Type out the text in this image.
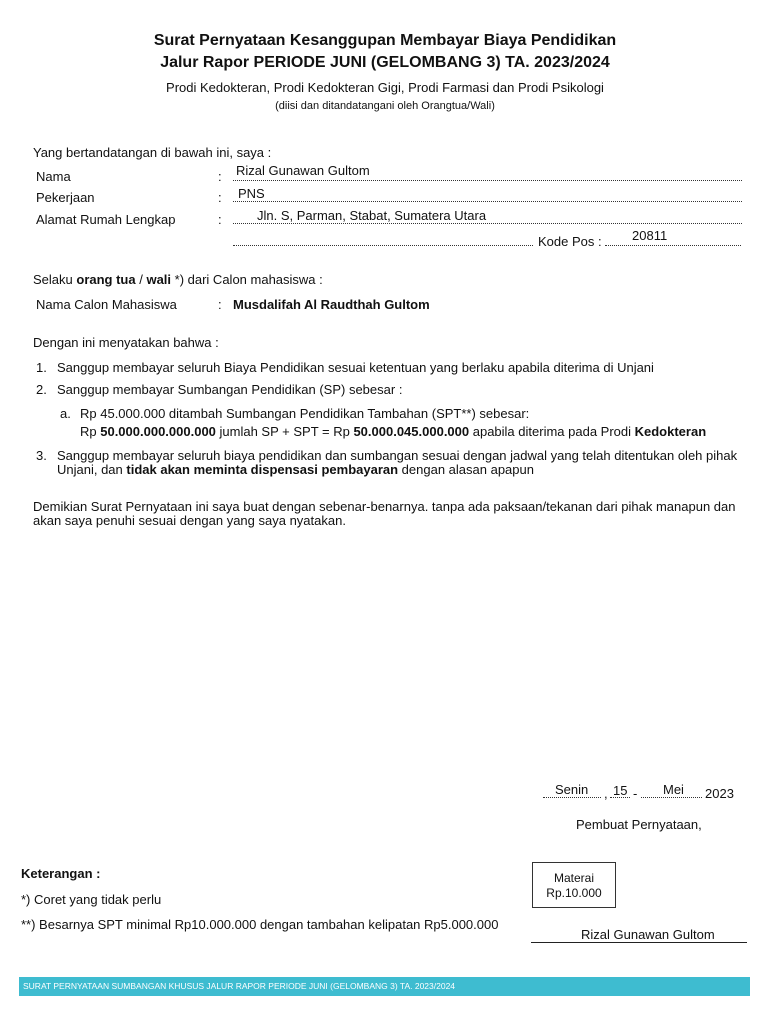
Surat Pernyataan Kesanggupan Membayar Biaya Pendidikan
Jalur Rapor PERIODE JUNI (GELOMBANG 3) TA. 2023/2024
Prodi Kedokteran, Prodi Kedokteran Gigi, Prodi Farmasi dan Prodi Psikologi
(diisi dan ditandatangani oleh Orangtua/Wali)
Yang bertandatangan di bawah ini, saya :
Nama	: Rizal Gunawan Gultom
Pekerjaan	: PNS
Alamat Rumah Lengkap	:	Jln. S, Parman, Stabat, Sumatera Utara
Kode Pos : 20811
Selaku orang tua / wali *) dari Calon mahasiswa :
Nama Calon Mahasiswa	: Musdalifah Al Raudthah Gultom
Dengan ini menyatakan bahwa :
1. Sanggup membayar seluruh Biaya Pendidikan sesuai ketentuan yang berlaku apabila diterima di Unjani
2. Sanggup membayar Sumbangan Pendidikan (SP) sebesar :
a. Rp 45.000.000 ditambah Sumbangan Pendidikan Tambahan (SPT**) sebesar:
Rp 50.000.000.000.000 jumlah SP + SPT = Rp 50.000.045.000.000 apabila diterima pada Prodi Kedokteran
3. Sanggup membayar seluruh biaya pendidikan dan sumbangan sesuai dengan jadwal yang telah ditentukan oleh pihak
Unjani, dan tidak akan meminta dispensasi pembayaran dengan alasan apapun
Demikian Surat Pernyataan ini saya buat dengan sebenar-benarnya. tanpa ada paksaan/tekanan dari pihak manapun dan
akan saya penuhi sesuai dengan yang saya nyatakan.
Senin , 15 - Mei 2023
Pembuat Pernyataan,
Keterangan :
*) Coret yang tidak perlu
**) Besarnya SPT minimal Rp10.000.000 dengan tambahan kelipatan Rp5.000.000
Materai
Rp.10.000
Rizal Gunawan Gultom
SURAT PERNYATAAN SUMBANGAN KHUSUS JALUR RAPOR PERIODE JUNI (GELOMBANG 3) TA. 2023/2024
